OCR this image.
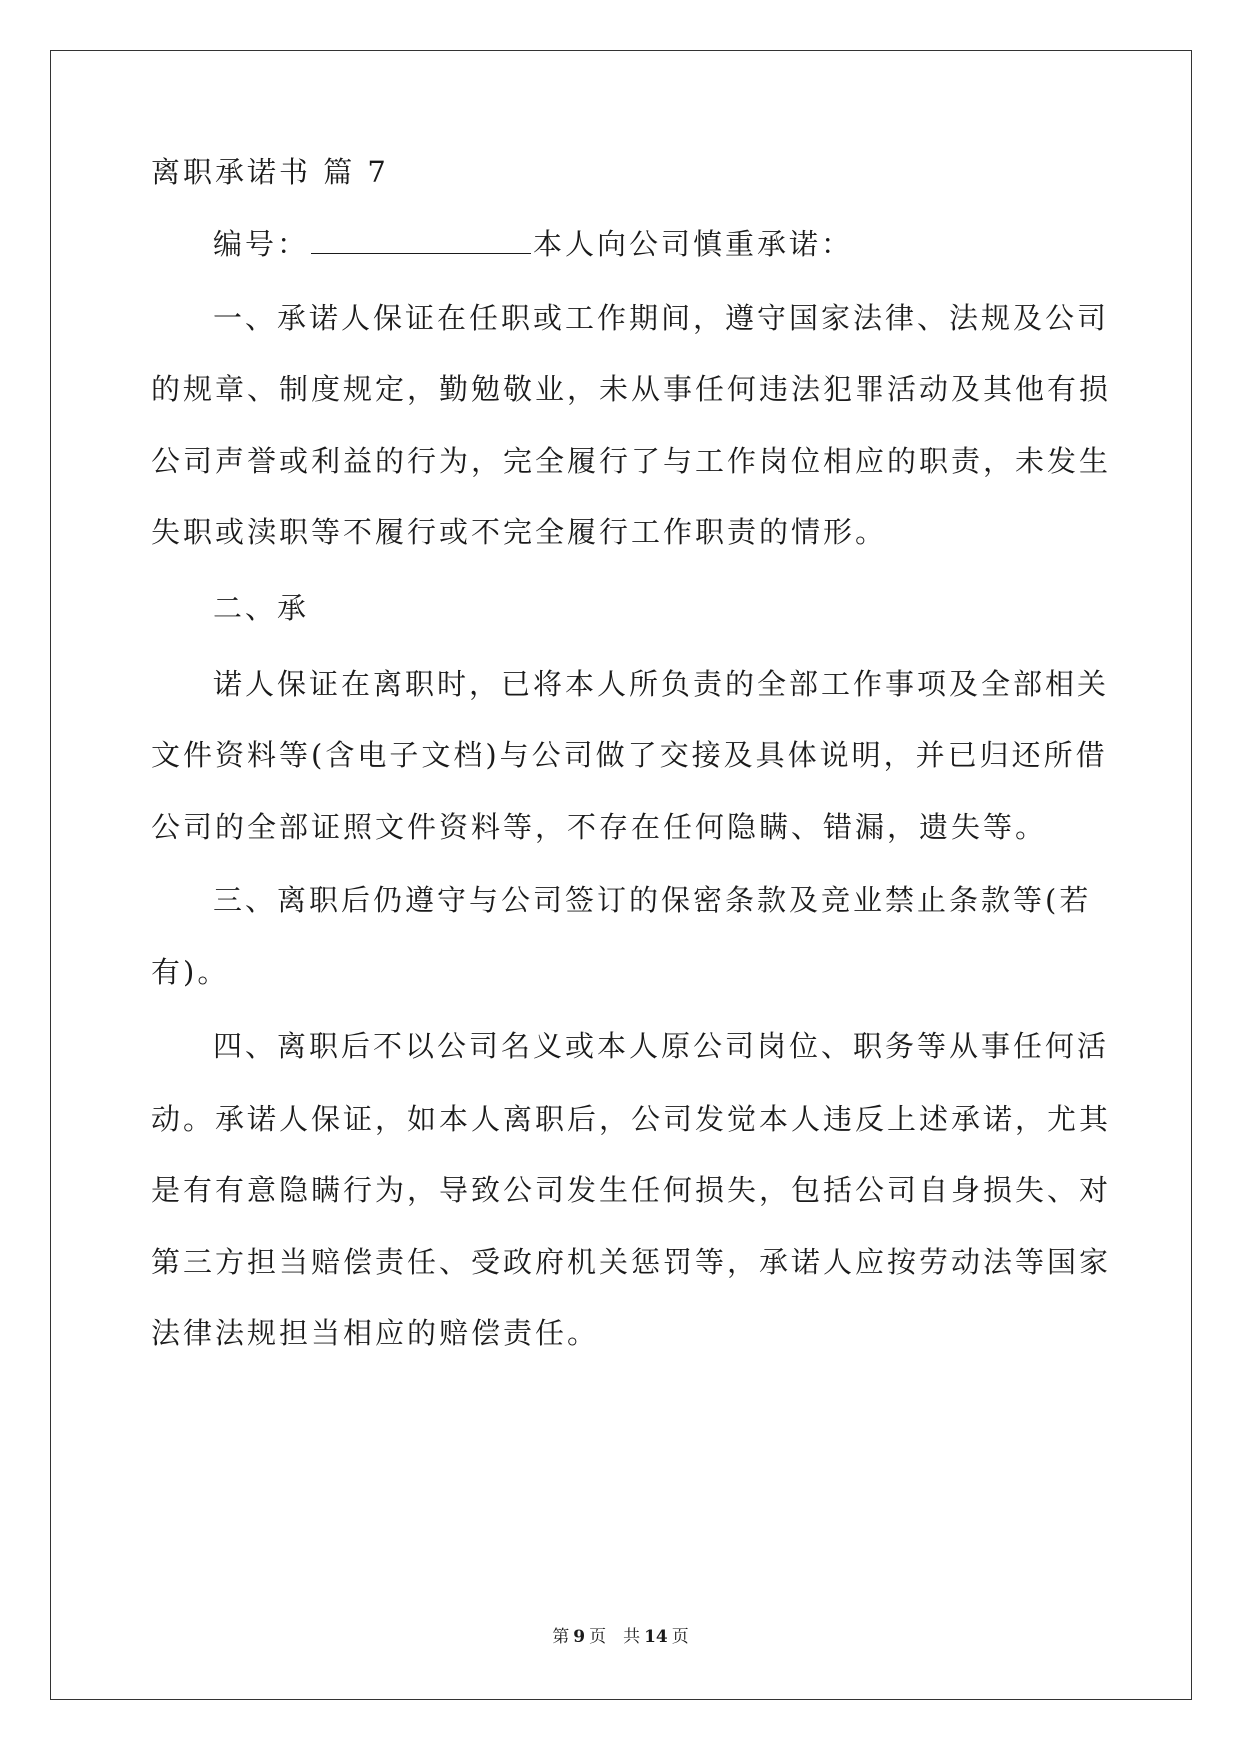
离职承诺书 篇 7
编号：	本人向公司慎重承诺：
一、承诺人保证在任职或工作期间，遵守国家法律、法规及公司
的规章、制度规定，勤勉敬业，未从事任何违法犯罪活动及其他有损
公司声誉或利益的行为，完全履行了与工作岗位相应的职责，未发生
失职或渎职等不履行或不完全履行工作职责的情形。
二、承
诺人保证在离职时，已将本人所负责的全部工作事项及全部相关
文件资料等(含电子文档)与公司做了交接及具体说明，并已归还所借
公司的全部证照文件资料等，不存在任何隐瞒、错漏，遗失等。
三、离职后仍遵守与公司签订的保密条款及竞业禁止条款等(若
有)。
四、离职后不以公司名义或本人原公司岗位、职务等从事任何活
动。承诺人保证，如本人离职后，公司发觉本人违反上述承诺，尤其
是有有意隐瞒行为，导致公司发生任何损失，包括公司自身损失、对
第三方担当赔偿责任、受政府机关惩罚等，承诺人应按劳动法等国家
法律法规担当相应的赔偿责任。
第 9 页　共 14 页
